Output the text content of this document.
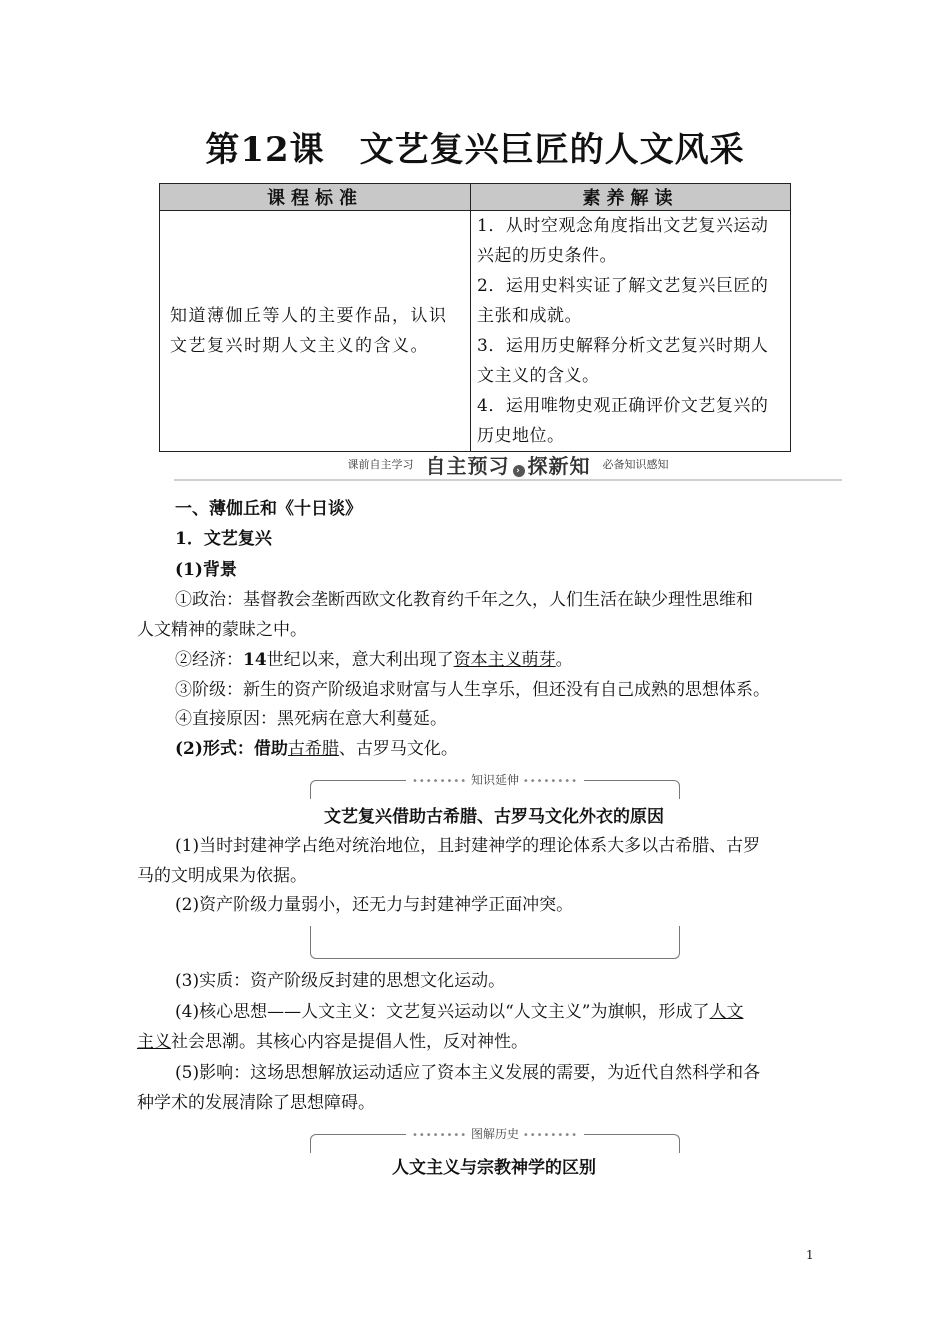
第12课　文艺复兴巨匠的人文风采
课程标准	素养解读
知道薄伽丘等人的主要作品，认识文艺复兴时期人文主义的含义。	1．从时空观念角度指出文艺复兴运动兴起的历史条件。
2．运用史料实证了解文艺复兴巨匠的主张和成就。
3．运用历史解释分析文艺复兴时期人文主义的含义。
4．运用唯物史观正确评价文艺复兴的历史地位。
课前自主学习 自主预习 › 探新知 必备知识感知
一、薄伽丘和《十日谈》
1．文艺复兴
(1)背景
①政治：基督教会垄断西欧文化教育约千年之久，人们生活在缺少理性思维和
人文精神的蒙昧之中。
②经济：14世纪以来，意大利出现了资本主义萌芽。
③阶级：新生的资产阶级追求财富与人生享乐，但还没有自己成熟的思想体系。
④直接原因：黑死病在意大利蔓延。
(2)形式：借助古希腊、古罗马文化。
•••••••• 知识延伸 ••••••••
文艺复兴借助古希腊、古罗马文化外衣的原因
(1)当时封建神学占绝对统治地位，且封建神学的理论体系大多以古希腊、古罗
马的文明成果为依据。
(2)资产阶级力量弱小，还无力与封建神学正面冲突。
(3)实质：资产阶级反封建的思想文化运动。
(4)核心思想——人文主义：文艺复兴运动以“人文主义”为旗帜，形成了人文
主义社会思潮。其核心内容是提倡人性，反对神性。
(5)影响：这场思想解放运动适应了资本主义发展的需要，为近代自然科学和各
种学术的发展清除了思想障碍。
•••••••• 图解历史 ••••••••
人文主义与宗教神学的区别
1
